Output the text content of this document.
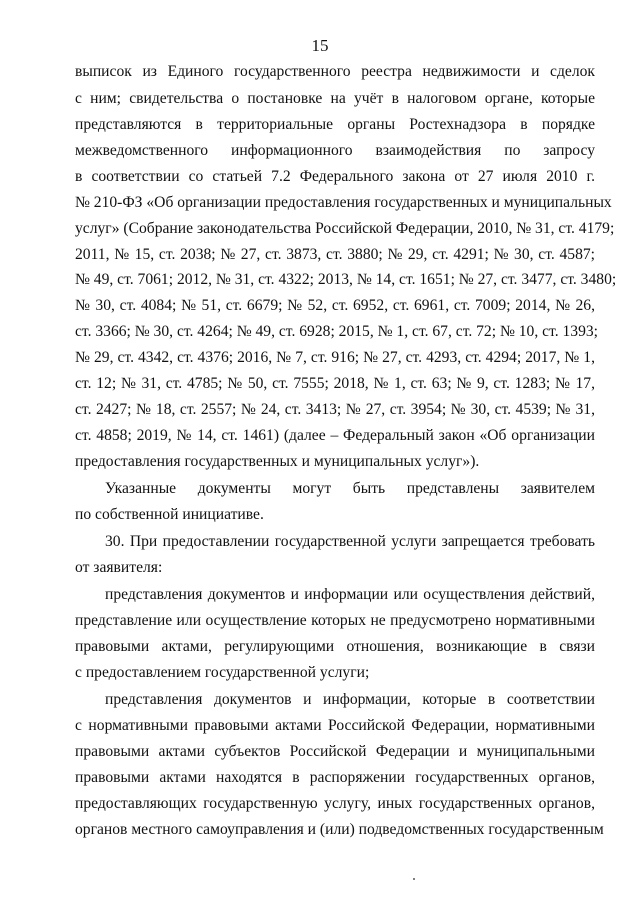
15
выписок из Единого государственного реестра недвижимости и сделок
с ним; свидетельства о постановке на учёт в налоговом органе, которые
представляются в территориальные органы Ростехнадзора в порядке
межведомственного информационного взаимодействия по запросу
в соответствии со статьей 7.2 Федерального закона от 27 июля 2010 г.
№ 210-ФЗ «Об организации предоставления государственных и муниципальных
услуг» (Собрание законодательства Российской Федерации, 2010, № 31, ст. 4179;
2011, № 15, ст. 2038; № 27, ст. 3873, ст. 3880; № 29, ст. 4291; № 30, ст. 4587;
№ 49, ст. 7061; 2012, № 31, ст. 4322; 2013, № 14, ст. 1651; № 27, ст. 3477, ст. 3480;
№ 30, ст. 4084; № 51, ст. 6679; № 52, ст. 6952, ст. 6961, ст. 7009; 2014, № 26,
ст. 3366; № 30, ст. 4264; № 49, ст. 6928; 2015, № 1, ст. 67, ст. 72; № 10, ст. 1393;
№ 29, ст. 4342, ст. 4376; 2016, № 7, ст. 916; № 27, ст. 4293, ст. 4294; 2017, № 1,
ст. 12; № 31, ст. 4785; № 50, ст. 7555; 2018, № 1, ст. 63; № 9, ст. 1283; № 17,
ст. 2427; № 18, ст. 2557; № 24, ст. 3413; № 27, ст. 3954; № 30, ст. 4539; № 31,
ст. 4858; 2019, № 14, ст. 1461) (далее – Федеральный закон «Об организации
предоставления государственных и муниципальных услуг»).
Указанные документы могут быть представлены заявителем
по собственной инициативе.
30. При предоставлении государственной услуги запрещается требовать
от заявителя:
представления документов и информации или осуществления действий,
представление или осуществление которых не предусмотрено нормативными
правовыми актами, регулирующими отношения, возникающие в связи
с предоставлением государственной услуги;
представления документов и информации, которые в соответствии
с нормативными правовыми актами Российской Федерации, нормативными
правовыми актами субъектов Российской Федерации и муниципальными
правовыми актами находятся в распоряжении государственных органов,
предоставляющих государственную услугу, иных государственных органов,
органов местного самоуправления и (или) подведомственных государственным
